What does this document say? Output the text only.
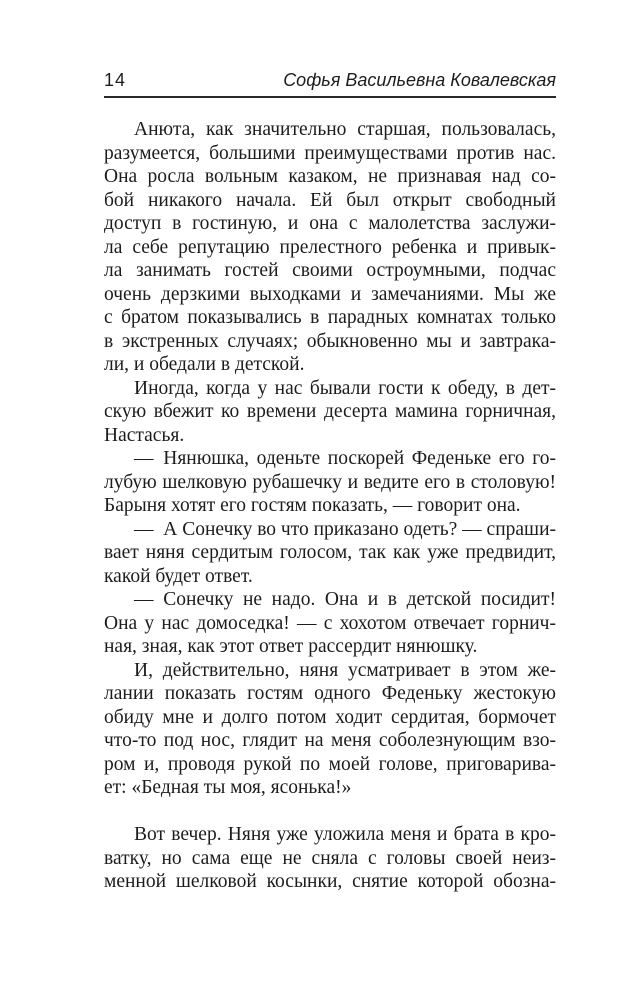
14	Софья Васильевна Ковалевская

Анюта, как значительно старшая, пользовалась,
разумеется, большими преимуществами против нас.
Она росла вольным казаком, не признавая над со-
бой никакого начала. Ей был открыт свободный
доступ в гостиную, и она с малолетства заслужи-
ла себе репутацию прелестного ребенка и привык-
ла занимать гостей своими остроумными, подчас
очень дерзкими выходками и замечаниями. Мы же
с братом показывались в парадных комнатах только
в экстренных случаях; обыкновенно мы и завтрака-
ли, и обедали в детской.

Иногда, когда у нас бывали гости к обеду, в дет-
скую вбежит ко времени десерта мамина горничная,
Настасья.

— Нянюшка, оденьте поскорей Феденьке его го-
лубую шелковую рубашечку и ведите его в столовую!
Барыня хотят его гостям показать, — говорит она.

— А Сонечку во что приказано одеть? — спраши-
вает няня сердитым голосом, так как уже предвидит,
какой будет ответ.

— Сонечку не надо. Она и в детской посидит!
Она у нас домоседка! — с хохотом отвечает горнич-
ная, зная, как этот ответ рассердит нянюшку.

И, действительно, няня усматривает в этом же-
лании показать гостям одного Феденьку жестокую
обиду мне и долго потом ходит сердитая, бормочет
что-то под нос, глядит на меня соболезнующим взо-
ром и, проводя рукой по моей голове, приговарива-
ет: «Бедная ты моя, ясонька!»

Вот вечер. Няня уже уложила меня и брата в кро-
ватку, но сама еще не сняла с головы своей неиз-
менной шелковой косынки, снятие которой обозна-
